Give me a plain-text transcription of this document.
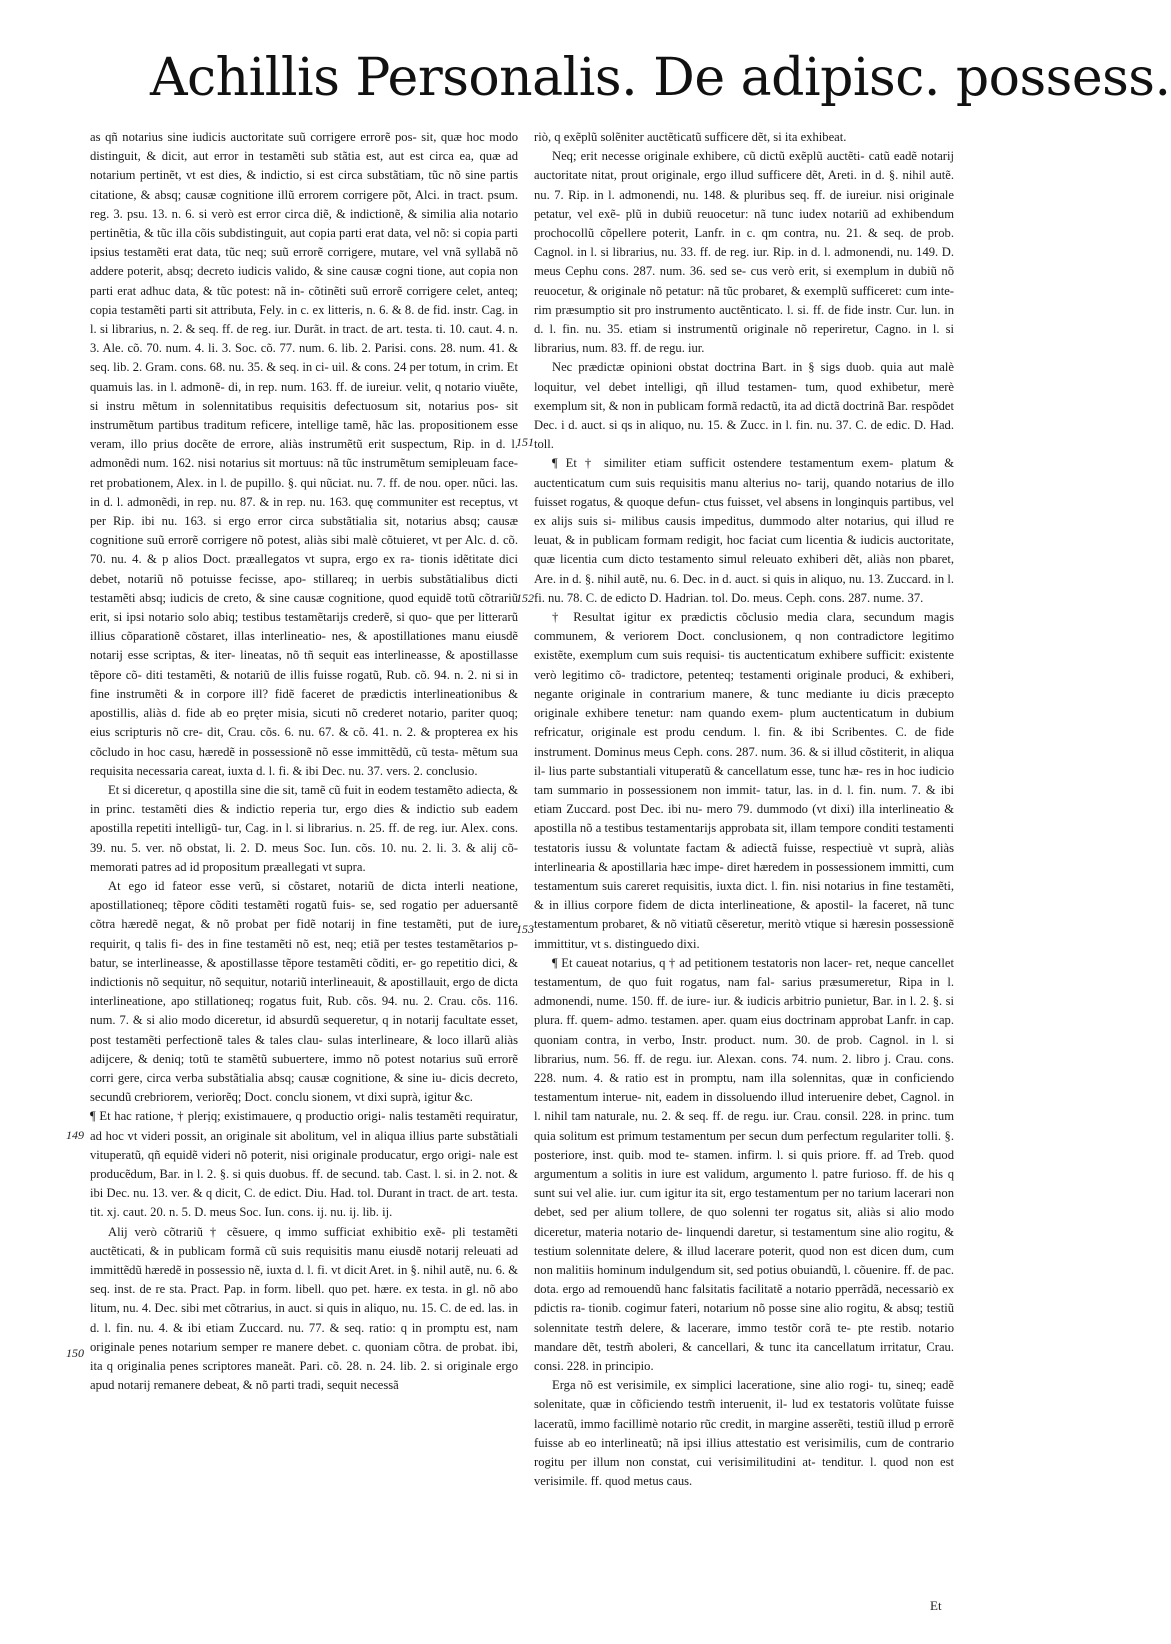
Achillis Personalis. De adipisc. possess.

as qñ notarius sine iudicis auctoritate suũ corrigere errorẽ pos- sit, quæ hoc modo distinguit, & dicit, aut error in testamẽti sub stãtia est, aut est circa ea, quæ ad notarium pertinẽt, vt est dies, & indictio, si est circa substãtiam, tũc nõ sine partis citatione, & absq; causæ cognitione illũ errorem corrigere põt, Alci. in tract. psum. reg. 3. psu. 13. n. 6. si verò est error circa diẽ, & indictionẽ, & similia alia notario pertinẽtia, & tũc illa cõis subdistinguit, aut copia parti erat data, vel nõ: si copia parti ipsius testamẽti erat data, tũc neq; suũ errorẽ corrigere, mutare, vel vnã syllabã nõ addere poterit, absq; decreto iudicis valido, & sine causæ cogni tione, aut copia non parti erat adhuc data, & tũc potest: nã in- cõtinẽti suũ errorẽ corrigere celet, anteq; copia testamẽti parti sit attributa, Fely. in c. ex litteris, n. 6. & 8. de fid. instr. Cag. in l. si librarius, n. 2. & seq. ff. de reg. iur. Durãt. in tract. de art. testa. ti. 10. caut. 4. n. 3. Ale. cõ. 70. num. 4. li. 3. Soc. cõ. 77. num. 6. lib. 2. Parisi. cons. 28. num. 41. & seq. lib. 2. Gram. cons. 68. nu. 35. & seq. in ci- uil. & cons. 24 per totum, in crim. Et quamuis las. in l. admonẽ- di, in rep. num. 163. ff. de iureiur. velit, q notario viuẽte, si instru mẽtum in solennitatibus requisitis defectuosum sit, notarius pos- sit instrumẽtum partibus traditum reficere, intellige tamẽ, hãc las. propositionem esse veram, illo prius docẽte de errore, aliàs instrumẽtũ erit suspectum, Rip. in d. l. admonẽdi num. 162. nisi notarius sit mortuus: nã tũc instrumẽtum semipleuam face- ret probationem, Alex. in l. de pupillo. §. qui nũciat. nu. 7. ff. de nou. oper. nũci. las. in d. l. admonẽdi, in rep. nu. 87. & in rep. nu. 163. quę communiter est receptus, vt per Rip. ibi nu. 163. si ergo error circa substãtialia sit, notarius absq; causæ cognitione suũ errorẽ corrigere nõ potest, aliàs sibi malè cõtuieret, vt per Alc. d. cõ. 70. nu. 4. & p alios Doct. præallegatos vt supra, ergo ex ra- tionis idẽtitate dici debet, notariũ nõ potuisse fecisse, apo- stillareq; in uerbis substãtialibus dicti testamẽti absq; iudicis de creto, & sine causæ cognitione, quod equidẽ totũ cõtrariũ erit, si ipsi notario solo abiq; testibus testamẽtarijs crederẽ, si quo- que per litterarũ illius cõparationẽ cõstaret, illas interlineatio- nes, & apostillationes manu eiusdẽ notarij esse scriptas, & iter- lineatas, nõ tñ sequit eas interlineasse, & apostillasse tẽpore cõ- diti testamẽti, & notariũ de illis fuisse rogatũ, Rub. cõ. 94. n. 2. ni si in fine instrumẽti & in corpore ill? fidẽ faceret de prædictis interlineationibus & apostillis, aliàs d. fide ab eo pręter misia, sicuti nõ crederet notario, pariter quoq; eius scripturis nõ cre- dit, Crau. cõs. 6. nu. 67. & cõ. 41. n. 2. & propterea ex his cõcludo in hoc casu, hæredẽ in possessionẽ nõ esse immittẽdũ, cũ testa- mẽtum sua requisita necessaria careat, iuxta d. l. fi. & ibi Dec. nu. 37. vers. 2. conclusio.

Et si diceretur, q apostilla sine die sit, tamẽ cũ fuit in eodem testamẽto adiecta, & in princ. testamẽti dies & indictio reperia tur, ergo dies & indictio sub eadem apostilla repetiti intelligũ- tur, Cag. in l. si librarius. n. 25. ff. de reg. iur. Alex. cons. 39. nu. 5. ver. nõ obstat, li. 2. D. meus Soc. Iun. cõs. 10. nu. 2. li. 3. & alij cõ- memorati patres ad id propositum præallegati vt supra.

At ego id fateor esse verũ, si cõstaret, notariũ de dicta interli neatione, apostillationeq; tẽpore cõditi testamẽti rogatũ fuis- se, sed rogatio per aduersantẽ cõtra hæredẽ negat, & nõ probat per fidẽ notarij in fine testamẽti, put de iure requirit, q talis fi- des in fine testamẽti nõ est, neq; etiã per testes testamẽtarios p- batur, se interlineasse, & apostillasse tẽpore testamẽti cõditi, er- go repetitio dici, & indictionis nõ sequitur, nõ sequitur, notariũ interlineauit, & apostillauit, ergo de dicta interlineatione, apo stillationeq; rogatus fuit, Rub. cõs. 94. nu. 2. Crau. cõs. 116. num. 7. & si alio modo diceretur, id absurdũ sequeretur, q in notarij facultate esset, post testamẽti perfectionẽ tales & tales clau- sulas interlineare, & loco illarũ aliàs adijcere, & deniq; totũ te stamẽtũ subuertere, immo nõ potest notarius suũ errorẽ corri gere, circa verba substãtialia absq; causæ cognitione, & sine iu- dicis decreto, secundũ crebriorem, veriorẽq; Doct. conclu sionem, vt dixi suprà, igitur &c.

¶ Et hac ratione, † plerịq; existimauere, q productio origi- nalis testamẽti requiratur, ad hoc vt videri possit, an originale sit abolitum, vel in aliqua illius parte substãtiali vituperatũ, qñ equidẽ videri nõ poterit, nisi originale producatur, ergo origi- nale est producẽdum, Bar. in l. 2. §. si quis duobus. ff. de secund. tab. Cast. l. si. in 2. not. & ibi Dec. nu. 13. ver. & q dicit, C. de edict. Diu. Had. tol. Durant in tract. de art. testa. tit. xj. caut. 20. n. 5. D. meus Soc. Iun. cons. ij. nu. ij. lib. ij.

Alij verò cõtrariũ † cẽsuere, q immo sufficiat exhibitio exẽ- pli testamẽti auctẽticati, & in publicam formã cũ suis requisitis manu eiusdẽ notarij releuati ad immittẽdũ hæredẽ in possessio nẽ, iuxta d. l. fi. vt dicit Aret. in §. nihil autẽ, nu. 6. & seq. inst. de re sta. Pract. Pap. in form. libell. quo pet. hære. ex testa. in gl. nõ abo litum, nu. 4. Dec. sibi met cõtrarius, in auct. si quis in aliquo, nu. 15. C. de ed. las. in d. l. fin. nu. 4. & ibi etiam Zuccard. nu. 77. & seq. ratio: q in promptu est, nam originale penes notarium semper re manere debet. c. quoniam cõtra. de probat. ibi, ita q originalia penes scriptores maneãt. Pari. cõ. 28. n. 24. lib. 2. si originale ergo apud notarij remanere debeat, & nõ parti tradi, sequit necessã

riò, q exẽplũ solẽniter auctẽticatũ sufficere dẽt, si ita exhibeat.

Neq; erit necesse originale exhibere, cũ dictũ exẽplũ auctẽti- catũ eadẽ notarij auctoritate nitat, prout originale, ergo illud sufficere dẽt, Areti. in d. §. nihil autẽ. nu. 7. Rip. in l. admonendi, nu. 148. & pluribus seq. ff. de iureiur. nisi originale petatur, vel exẽ- plũ in dubiũ reuocetur: nã tunc iudex notariũ ad exhibendum prochocollũ cõpellere poterit, Lanfr. in c. qm contra, nu. 21. & seq. de prob. Cagnol. in l. si librarius, nu. 33. ff. de reg. iur. Rip. in d. l. admonendi, nu. 149. D. meus Cephu cons. 287. num. 36. sed se- cus verò erit, si exemplum in dubiũ nõ reuocetur, & originale nõ petatur: nã tũc probaret, & exemplũ sufficeret: cum inte- rim præsumptio sit pro instrumento auctẽnticato. l. si. ff. de fide instr. Cur. lun. in d. l. fin. nu. 35. etiam si instrumentũ originale nõ reperiretur, Cagno. in l. si librarius, num. 83. ff. de regu. iur.

Nec prædictæ opinioni obstat doctrina Bart. in § sigs duob. quia aut malè loquitur, vel debet intelligi, qñ illud testamen- tum, quod exhibetur, merè exemplum sit, & non in publicam formã redactũ, ita ad dictã doctrinã Bar. respõdet Dec. i d. auct. si qs in aliquo, nu. 15. & Zucc. in l. fin. nu. 37. C. de edic. D. Had. toll.

¶ Et † similiter etiam sufficit ostendere testamentum exem- platum & auctenticatum cum suis requisitis manu alterius no- tarij, quando notarius de illo fuisset rogatus, & quoque defun- ctus fuisset, vel absens in longinquis partibus, vel ex alijs suis si- milibus causis impeditus, dummodo alter notarius, qui illud re leuat, & in publicam formam redigit, hoc faciat cum licentia & iudicis auctoritate, quæ licentia cum dicto testamento simul releuato exhiberi dẽt, aliàs non pbaret, Are. in d. §. nihil autẽ, nu. 6. Dec. in d. auct. si quis in aliquo, nu. 13. Zuccard. in l. fi. nu. 78. C. de edicto D. Hadrian. tol. Do. meus. Ceph. cons. 287. nume. 37.

† Resultat igitur ex prædictis cõclusio media clara, secundum magis communem, & veriorem Doct. conclusionem, q non contradictore legitimo existẽte, exemplum cum suis requisi- tis auctenticatum exhibere sufficit: existente verò legitimo cõ- tradictore, petenteq; testamenti originale produci, & exhiberi, negante originale in contrarium manere, & tunc mediante iu dicis præcepto originale exhibere tenetur: nam quando exem- plum auctenticatum in dubium refricatur, originale est produ cendum. l. fin. & ibi Scribentes. C. de fide instrument. Dominus meus Ceph. cons. 287. num. 36. & si illud cõstiterit, in aliqua il- lius parte substantiali vituperatũ & cancellatum esse, tunc hæ- res in hoc iudicio tam summario in possessionem non immit- tatur, las. in d. l. fin. num. 7. & ibi etiam Zuccard. post Dec. ibi nu- mero 79. dummodo (vt dixi) illa interlineatio & apostilla nõ a testibus testamentarijs approbata sit, illam tempore conditi testamenti testatoris iussu & voluntate factam & adiectã fuisse, respectiuè vt suprà, aliàs interlinearia & apostillaria hæc impe- diret hæredem in possessionem immitti, cum testamentum suis careret requisitis, iuxta dict. l. fin. nisi notarius in fine testamẽti, & in illius corpore fidem de dicta interlineatione, & apostil- la faceret, nã tunc testamentum probaret, & nõ vitiatũ cẽseretur, meritò vtique si hæresin possessionẽ immittitur, vt s. distinguedo dixi.

¶ Et caueat notarius, q † ad petitionem testatoris non lacer- ret, neque cancellet testamentum, de quo fuit rogatus, nam fal- sarius præsumeretur, Ripa in l. admonendi, nume. 150. ff. de iure- iur. & iudicis arbitrio punietur, Bar. in l. 2. §. si plura. ff. quem- admo. testamen. aper. quam eius doctrinam approbat Lanfr. in cap. quoniam contra, in verbo, Instr. product. num. 30. de prob. Cagnol. in l. si librarius, num. 56. ff. de regu. iur. Alexan. cons. 74. num. 2. libro j. Crau. cons. 228. num. 4. & ratio est in promptu, nam illa solennitas, quæ in conficiendo testamentum interue- nit, eadem in dissoluendo illud interuenire debet, Cagnol. in l. nihil tam naturale, nu. 2. & seq. ff. de regu. iur. Crau. consil. 228. in princ. tum quia solitum est primum testamentum per secun dum perfectum regulariter tolli. §. posteriore, inst. quib. mod te- stamen. infirm. l. si quis priore. ff. ad Treb. quod argumentum a solitis in iure est validum, argumento l. patre furioso. ff. de his q sunt sui vel alie. iur. cum igitur ita sit, ergo testamentum per no tarium lacerari non debet, sed per alium tollere, de quo solenni ter rogatus sit, aliàs si alio modo diceretur, materia notario de- linquendi daretur, si testamentum sine alio rogitu, & testium solennitate delere, & illud lacerare poterit, quod non est dicen dum, cum non malitiis hominum indulgendum sit, sed potius obuiandũ, l. cõuenire. ff. de pac. dota. ergo ad remouendũ hanc falsitatis facilitatẽ a notario pperrãdã, necessariò ex pdictis ra- tionib. cogimur fateri, notarium nõ posse sine alio rogitu, & absq; testiũ solennitate testm̃ delere, & lacerare, immo testõr corã te- pte restib. notario mandare dẽt, testm̃ aboleri, & cancellari, & tunc ita cancellatum irritatur, Crau. consi. 228. in principio.

Erga nõ est verisimile, ex simplici laceratione, sine alio rogi- tu, sineq; eadẽ solenitate, quæ in cõficiendo testm̃ interuenit, il- lud ex testatoris volũtate fuisse laceratũ, immo facillimè notario rũc credit, in margine asserẽti, testiũ illud p errorẽ fuisse ab eo interlineatũ; nã ipsi illius attestatio est verisimilis, cum de contrario rogitu per illum non constat, cui verisimilitudini at- tenditur. l. quod non est verisimile. ff. quod metus caus.

149
150
151
152
153
Et
